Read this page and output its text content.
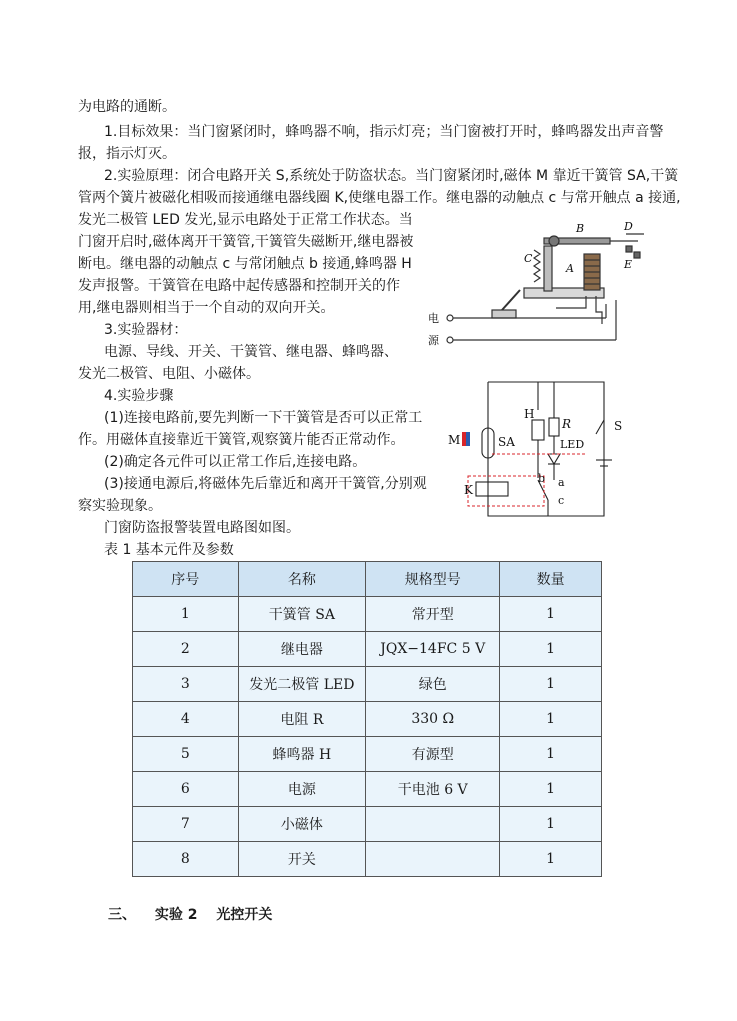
为电路的通断。
1.目标效果：当门窗紧闭时，蜂鸣器不响，指示灯亮；当门窗被打开时，蜂鸣器发出声音警
报，指示灯灭。
2.实验原理：闭合电路开关 S,系统处于防盗状态。当门窗紧闭时,磁体 M 靠近干簧管 SA,干簧
管两个簧片被磁化相吸而接通继电器线圈 K,使继电器工作。继电器的动触点 c 与常开触点 a 接通,
发光二极管 LED 发光,显示电路处于正常工作状态。当
门窗开启时,磁体离开干簧管,干簧管失磁断开,继电器被
断电。继电器的动触点 c 与常闭触点 b 接通,蜂鸣器 H
发声报警。干簧管在电路中起传感器和控制开关的作
用,继电器则相当于一个自动的双向开关。
3.实验器材：
电源、导线、开关、干簧管、继电器、蜂鸣器、
发光二极管、电阻、小磁体。
4.实验步骤
(1)连接电路前,要先判断一下干簧管是否可以正常工
作。用磁体直接靠近干簧管,观察簧片能否正常动作。
(2)确定各元件可以正常工作后,连接电路。
(3)接通电源后,将磁体先后靠近和离开干簧管,分别观
察实验现象。
门窗防盗报警装置电路图如图。
表 1 基本元件及参数
B	D
C	E
A
电
源
M	SA
H
R
LED
S
K
b a
c
序号	名称	规格型号	数量
1	干簧管 SA	常开型	1
2	继电器	JQX−14FC 5 V	1
3	发光二极管 LED	绿色	1
4	电阻 R	330 Ω	1
5	蜂鸣器 H	有源型	1
6	电源	干电池 6 V	1
7	小磁体		1
8	开关		1
三、 实验 2 光控开关
